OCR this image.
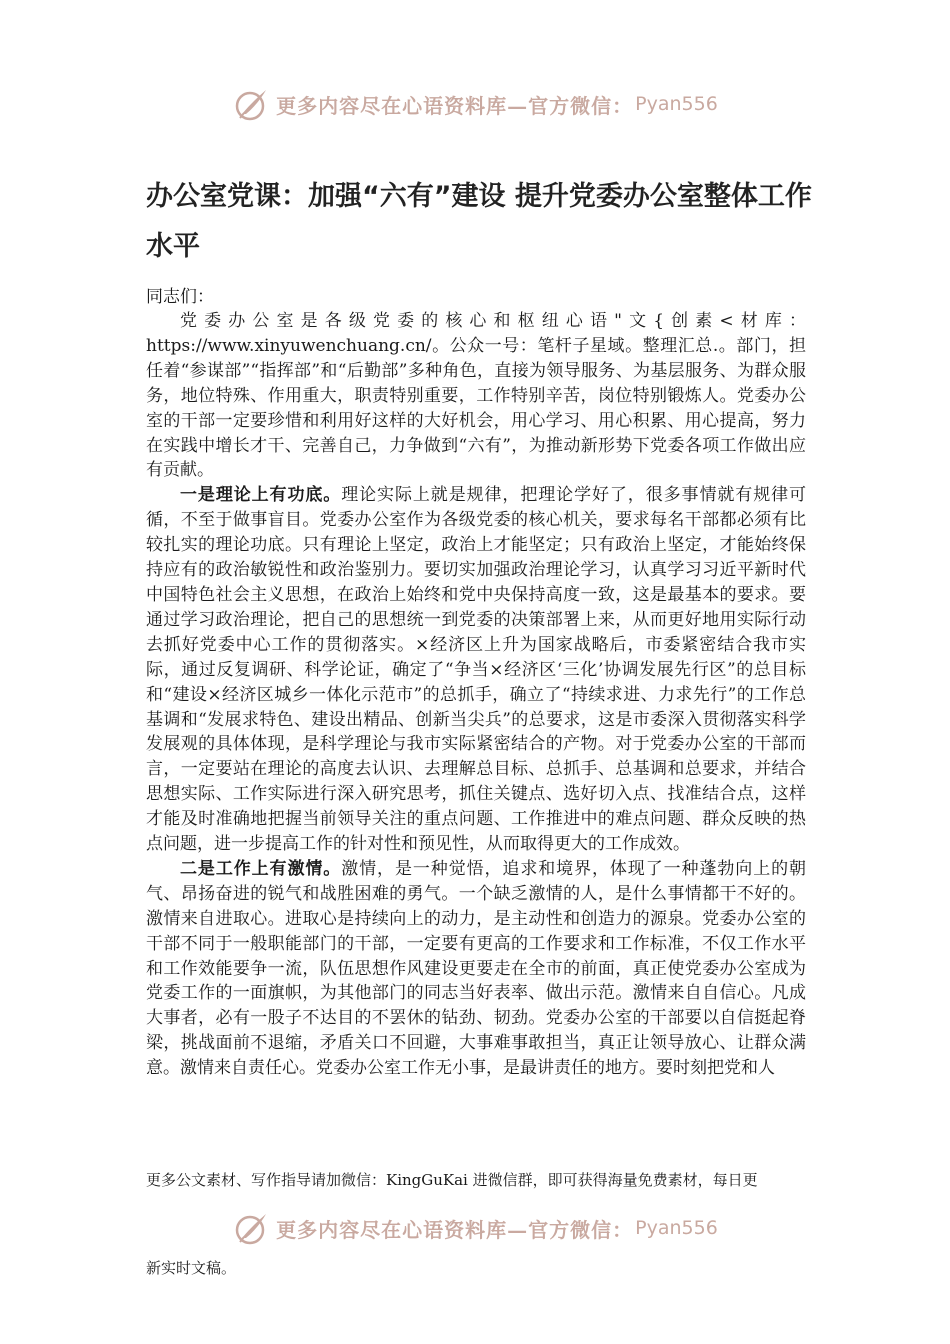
更多内容尽在心语资料库—官方微信： Pyan556
办公室党课：加强“六有”建设 提升党委办公室整体工作水平
同志们：

党委办公室是各级党委的核心和枢纽心语"文{创素<材库：https://www.xinyuwenchuang.cn/。公众一号：笔杆子星域。整理汇总.。部门，担任着“参谋部”“指挥部”和“后勤部”多种角色，直接为领导服务、为基层服务、为群众服务，地位特殊、作用重大，职责特别重要，工作特别辛苦，岗位特别锻炼人。党委办公室的干部一定要珍惜和利用好这样的大好机会，用心学习、用心积累、用心提高，努力在实践中增长才干、完善自己，力争做到“六有”，为推动新形势下党委各项工作做出应有贡献。

一是理论上有功底。理论实际上就是规律，把理论学好了，很多事情就有规律可循，不至于做事盲目。党委办公室作为各级党委的核心机关，要求每名干部都必须有比较扎实的理论功底。只有理论上坚定，政治上才能坚定；只有政治上坚定，才能始终保持应有的政治敏锐性和政治鉴别力。要切实加强政治理论学习，认真学习习近平新时代中国特色社会主义思想，在政治上始终和党中央保持高度一致，这是最基本的要求。要通过学习政治理论，把自己的思想统一到党委的决策部署上来，从而更好地用实际行动去抓好党委中心工作的贯彻落实。×经济区上升为国家战略后，市委紧密结合我市实际，通过反复调研、科学论证，确定了“争当×经济区‘三化’协调发展先行区”的总目标和“建设×经济区城乡一体化示范市”的总抓手，确立了“持续求进、力求先行”的工作总基调和“发展求特色、建设出精品、创新当尖兵”的总要求，这是市委深入贯彻落实科学发展观的具体体现，是科学理论与我市实际紧密结合的产物。对于党委办公室的干部而言，一定要站在理论的高度去认识、去理解总目标、总抓手、总基调和总要求，并结合思想实际、工作实际进行深入研究思考，抓住关键点、选好切入点、找准结合点，这样才能及时准确地把握当前领导关注的重点问题、工作推进中的难点问题、群众反映的热点问题，进一步提高工作的针对性和预见性，从而取得更大的工作成效。

二是工作上有激情。激情，是一种觉悟，追求和境界，体现了一种蓬勃向上的朝气、昂扬奋进的锐气和战胜困难的勇气。一个缺乏激情的人，是什么事情都干不好的。激情来自进取心。进取心是持续向上的动力，是主动性和创造力的源泉。党委办公室的干部不同于一般职能部门的干部，一定要有更高的工作要求和工作标准，不仅工作水平和工作效能要争一流，队伍思想作风建设更要走在全市的前面，真正使党委办公室成为党委工作的一面旗帜，为其他部门的同志当好表率、做出示范。激情来自自信心。凡成大事者，必有一股子不达目的不罢休的钻劲、韧劲。党委办公室的干部要以自信挺起脊梁，挑战面前不退缩，矛盾关口不回避，大事难事敢担当，真正让领导放心、让群众满意。激情来自责任心。党委办公室工作无小事，是最讲责任的地方。要时刻把党和人

更多公文素材、写作指导请加微信：KingGuKai 进微信群，即可获得海量免费素材，每日更
更多内容尽在心语资料库—官方微信： Pyan556
新实时文稿。
